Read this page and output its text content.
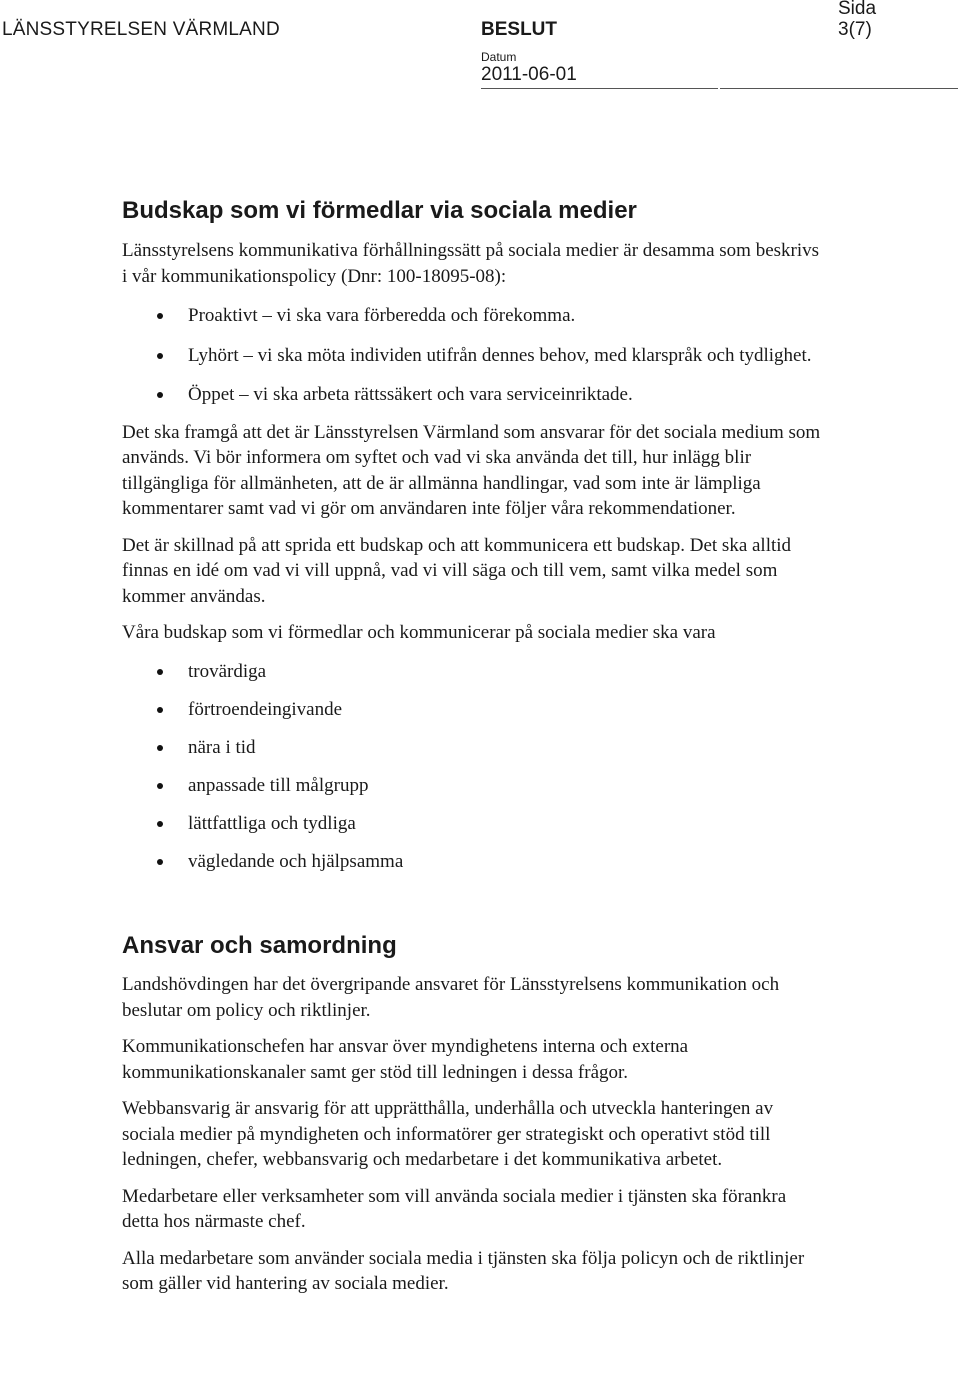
LÄNSSTYRELSEN VÄRMLAND	BESLUT
Datum
2011-06-01
Sida
3(7)
Budskap som vi förmedlar via sociala medier

Länsstyrelsens kommunikativa förhållningssätt på sociala medier är desamma som beskrivs i vår kommunikationspolicy (Dnr: 100-18095-08):

Proaktivt – vi ska vara förberedda och förekomma.
Lyhört – vi ska möta individen utifrån dennes behov, med klarspråk och tydlighet.
Öppet – vi ska arbeta rättssäkert och vara serviceinriktade.

Det ska framgå att det är Länsstyrelsen Värmland som ansvarar för det sociala medium som används. Vi bör informera om syftet och vad vi ska använda det till, hur inlägg blir tillgängliga för allmänheten, att de är allmänna handlingar, vad som inte är lämpliga kommentarer samt vad vi gör om användaren inte följer våra rekommendationer.

Det är skillnad på att sprida ett budskap och att kommunicera ett budskap. Det ska alltid finnas en idé om vad vi vill uppnå, vad vi vill säga och till vem, samt vilka medel som kommer användas.

Våra budskap som vi förmedlar och kommunicerar på sociala medier ska vara

trovärdiga
förtroendeingivande
nära i tid
anpassade till målgrupp
lättfattliga och tydliga
vägledande och hjälpsamma
Ansvar och samordning

Landshövdingen har det övergripande ansvaret för Länsstyrelsens kommunikation och beslutar om policy och riktlinjer.

Kommunikationschefen har ansvar över myndighetens interna och externa kommunikationskanaler samt ger stöd till ledningen i dessa frågor.

Webbansvarig är ansvarig för att upprätthålla, underhålla och utveckla hanteringen av sociala medier på myndigheten och informatörer ger strategiskt och operativt stöd till ledningen, chefer, webbansvarig och medarbetare i det kommunikativa arbetet.

Medarbetare eller verksamheter som vill använda sociala medier i tjänsten ska förankra detta hos närmaste chef.

Alla medarbetare som använder sociala media i tjänsten ska följa policyn och de riktlinjer som gäller vid hantering av sociala medier.
